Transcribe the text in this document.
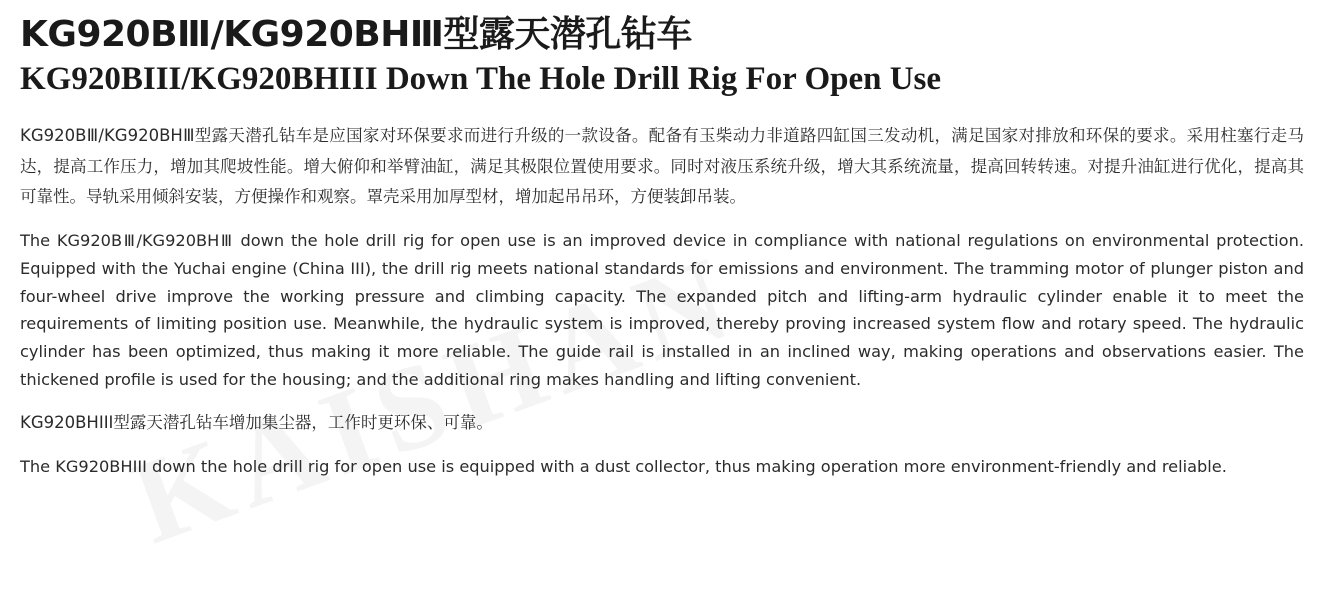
KG920BⅢ/KG920BHⅢ型露天潜孔钻车
KG920BIII/KG920BHIII Down The Hole Drill Rig For Open Use

KG920BⅢ/KG920BHⅢ型露天潜孔钻车是应国家对环保要求而进行升级的一款设备。配备有玉柴动力非道路四缸国三发动机，满足国家对排放和环保的要求。采用柱塞行走马达，提高工作压力，增加其爬坡性能。增大俯仰和举臂油缸，满足其极限位置使用要求。同时对液压系统升级，增大其系统流量，提高回转转速。对提升油缸进行优化，提高其可靠性。导轨采用倾斜安装，方便操作和观察。罩壳采用加厚型材，增加起吊吊环，方便装卸吊装。

The KG920BⅢ/KG920BHⅢ down the hole drill rig for open use is an improved device in compliance with national regulations on environmental protection. Equipped with the Yuchai engine (China III), the drill rig meets national standards for emissions and environment. The tramming motor of plunger piston and four-wheel drive improve the working pressure and climbing capacity. The expanded pitch and lifting-arm hydraulic cylinder enable it to meet the requirements of limiting position use. Meanwhile, the hydraulic system is improved, thereby proving increased system flow and rotary speed. The hydraulic cylinder has been optimized, thus making it more reliable. The guide rail is installed in an inclined way, making operations and observations easier. The thickened profile is used for the housing; and the additional ring makes handling and lifting convenient.

KG920BHIII型露天潜孔钻车增加集尘器，工作时更环保、可靠。

The KG920BHIII down the hole drill rig for open use is equipped with a dust collector, thus making operation more environment-friendly and reliable.
